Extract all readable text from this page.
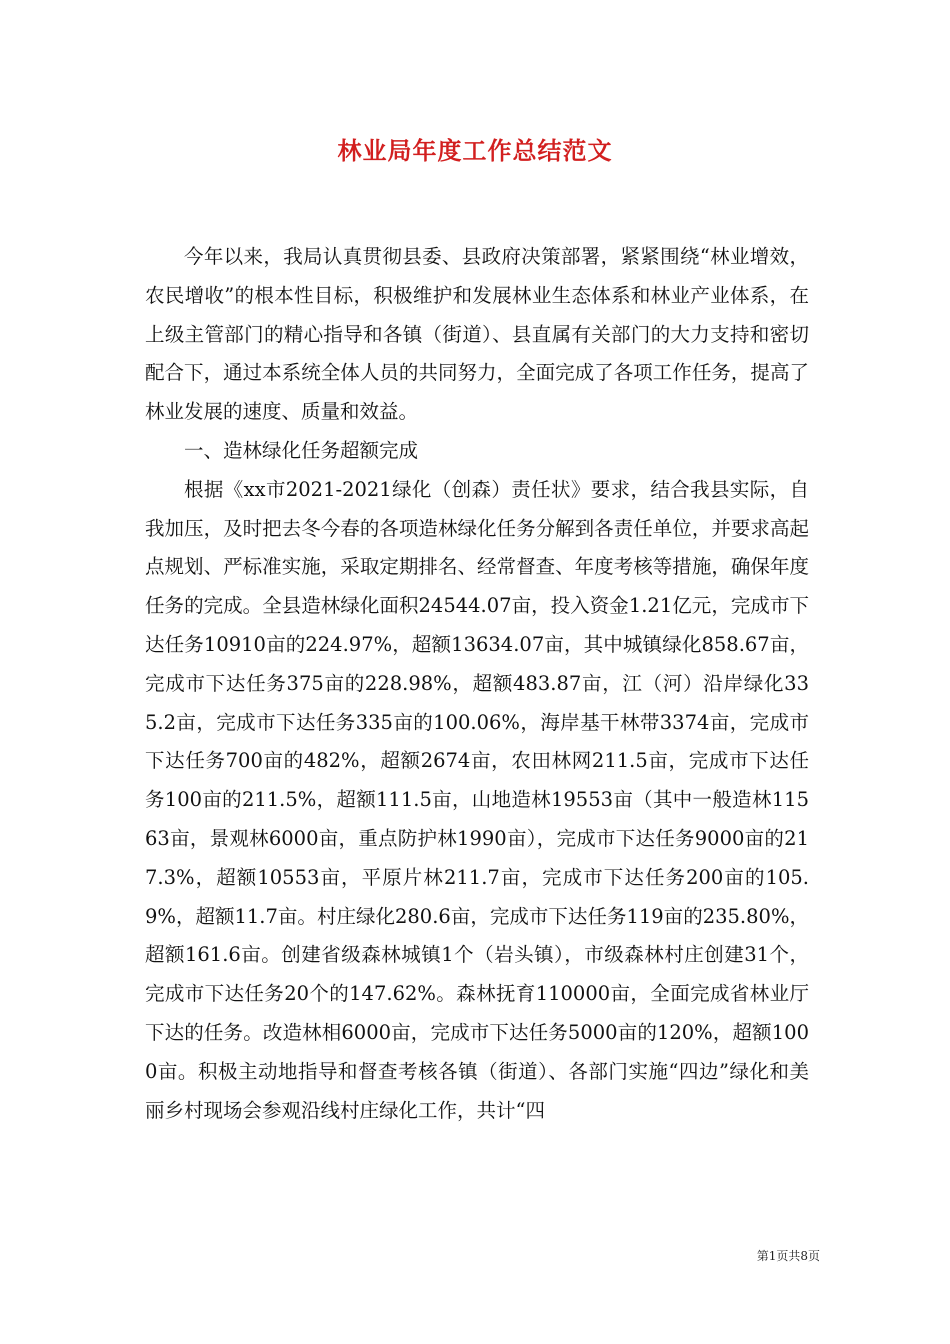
林业局年度工作总结范文

今年以来，我局认真贯彻县委、县政府决策部署，紧紧围绕“林业增效，农民增收”的根本性目标，积极维护和发展林业生态体系和林业产业体系，在上级主管部门的精心指导和各镇（街道）、县直属有关部门的大力支持和密切配合下，通过本系统全体人员的共同努力，全面完成了各项工作任务，提高了林业发展的速度、质量和效益。

一、造林绿化任务超额完成

根据《xx市2021-2021绿化（创森）责任状》要求，结合我县实际，自我加压，及时把去冬今春的各项造林绿化任务分解到各责任单位，并要求高起点规划、严标准实施，采取定期排名、经常督查、年度考核等措施，确保年度任务的完成。全县造林绿化面积24544.07亩，投入资金1.21亿元，完成市下达任务10910亩的224.97%，超额13634.07亩，其中城镇绿化858.67亩，完成市下达任务375亩的228.98%，超额483.87亩，江（河）沿岸绿化335.2亩，完成市下达任务335亩的100.06%，海岸基干林带3374亩，完成市下达任务700亩的482%，超额2674亩，农田林网211.5亩，完成市下达任务100亩的211.5%，超额111.5亩，山地造林19553亩（其中一般造林11563亩，景观林6000亩，重点防护林1990亩），完成市下达任务9000亩的217.3%，超额10553亩，平原片林211.7亩，完成市下达任务200亩的105.9%，超额11.7亩。村庄绿化280.6亩，完成市下达任务119亩的235.80%，超额161.6亩。创建省级森林城镇1个（岩头镇），市级森林村庄创建31个，完成市下达任务20个的147.62%。森林抚育110000亩，全面完成省林业厅下达的任务。改造林相6000亩，完成市下达任务5000亩的120%，超额1000亩。积极主动地指导和督查考核各镇（街道）、各部门实施“四边”绿化和美丽乡村现场会参观沿线村庄绿化工作，共计“四

第1页共8页
